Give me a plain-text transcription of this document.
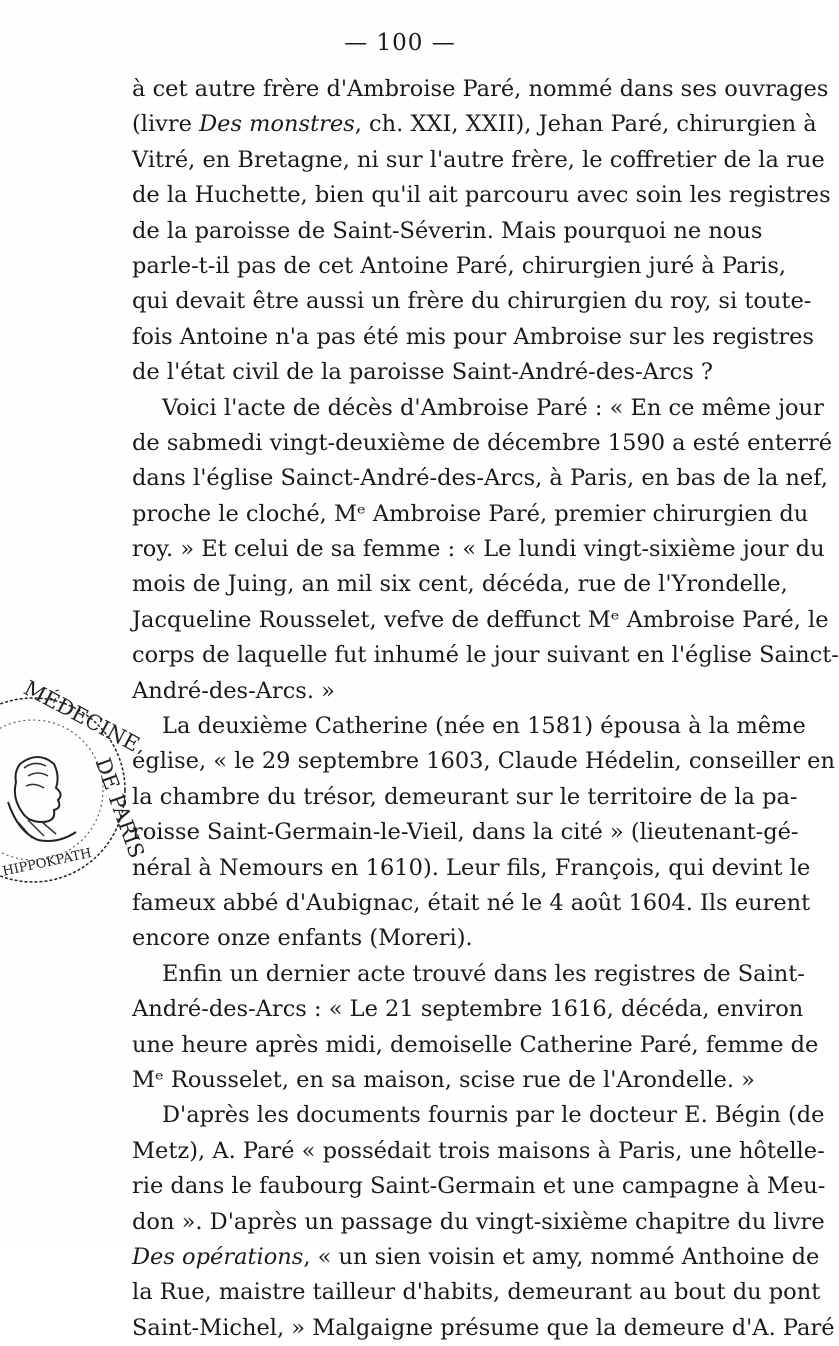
— 100 —
MÉDECINE
DE PARIS
HIPPOKPATH
à cet autre frère d'Ambroise Paré, nommé dans ses ouvrages
(livre Des monstres, ch. XXI, XXII), Jehan Paré, chirurgien à
Vitré, en Bretagne, ni sur l'autre frère, le coffretier de la rue
de la Huchette, bien qu'il ait parcouru avec soin les registres
de la paroisse de Saint-Séverin. Mais pourquoi ne nous
parle-t-il pas de cet Antoine Paré, chirurgien juré à Paris,
qui devait être aussi un frère du chirurgien du roy, si toute-
fois Antoine n'a pas été mis pour Ambroise sur les registres
de l'état civil de la paroisse Saint-André-des-Arcs ?
Voici l'acte de décès d'Ambroise Paré : « En ce même jour
de sabmedi vingt-deuxième de décembre 1590 a esté enterré
dans l'église Sainct-André-des-Arcs, à Paris, en bas de la nef,
proche le cloché, Mᵉ Ambroise Paré, premier chirurgien du
roy. » Et celui de sa femme : « Le lundi vingt-sixième jour du
mois de Juing, an mil six cent, décéda, rue de l'Yrondelle,
Jacqueline Rousselet, vefve de deffunct Mᵉ Ambroise Paré, le
corps de laquelle fut inhumé le jour suivant en l'église Sainct-
André-des-Arcs. »
La deuxième Catherine (née en 1581) épousa à la même
église, « le 29 septembre 1603, Claude Hédelin, conseiller en
la chambre du trésor, demeurant sur le territoire de la pa-
roisse Saint-Germain-le-Vieil, dans la cité » (lieutenant-gé-
néral à Nemours en 1610). Leur fils, François, qui devint le
fameux abbé d'Aubignac, était né le 4 août 1604. Ils eurent
encore onze enfants (Moreri).
Enfin un dernier acte trouvé dans les registres de Saint-
André-des-Arcs : « Le 21 septembre 1616, décéda, environ
une heure après midi, demoiselle Catherine Paré, femme de
Mᵉ Rousselet, en sa maison, scise rue de l'Arondelle. »
D'après les documents fournis par le docteur E. Bégin (de
Metz), A. Paré « possédait trois maisons à Paris, une hôtelle-
rie dans le faubourg Saint-Germain et une campagne à Meu-
don ». D'après un passage du vingt-sixième chapitre du livre
Des opérations, « un sien voisin et amy, nommé Anthoine de
la Rue, maistre tailleur d'habits, demeurant au bout du pont
Saint-Michel, » Malgaigne présume que la demeure d'A. Paré
